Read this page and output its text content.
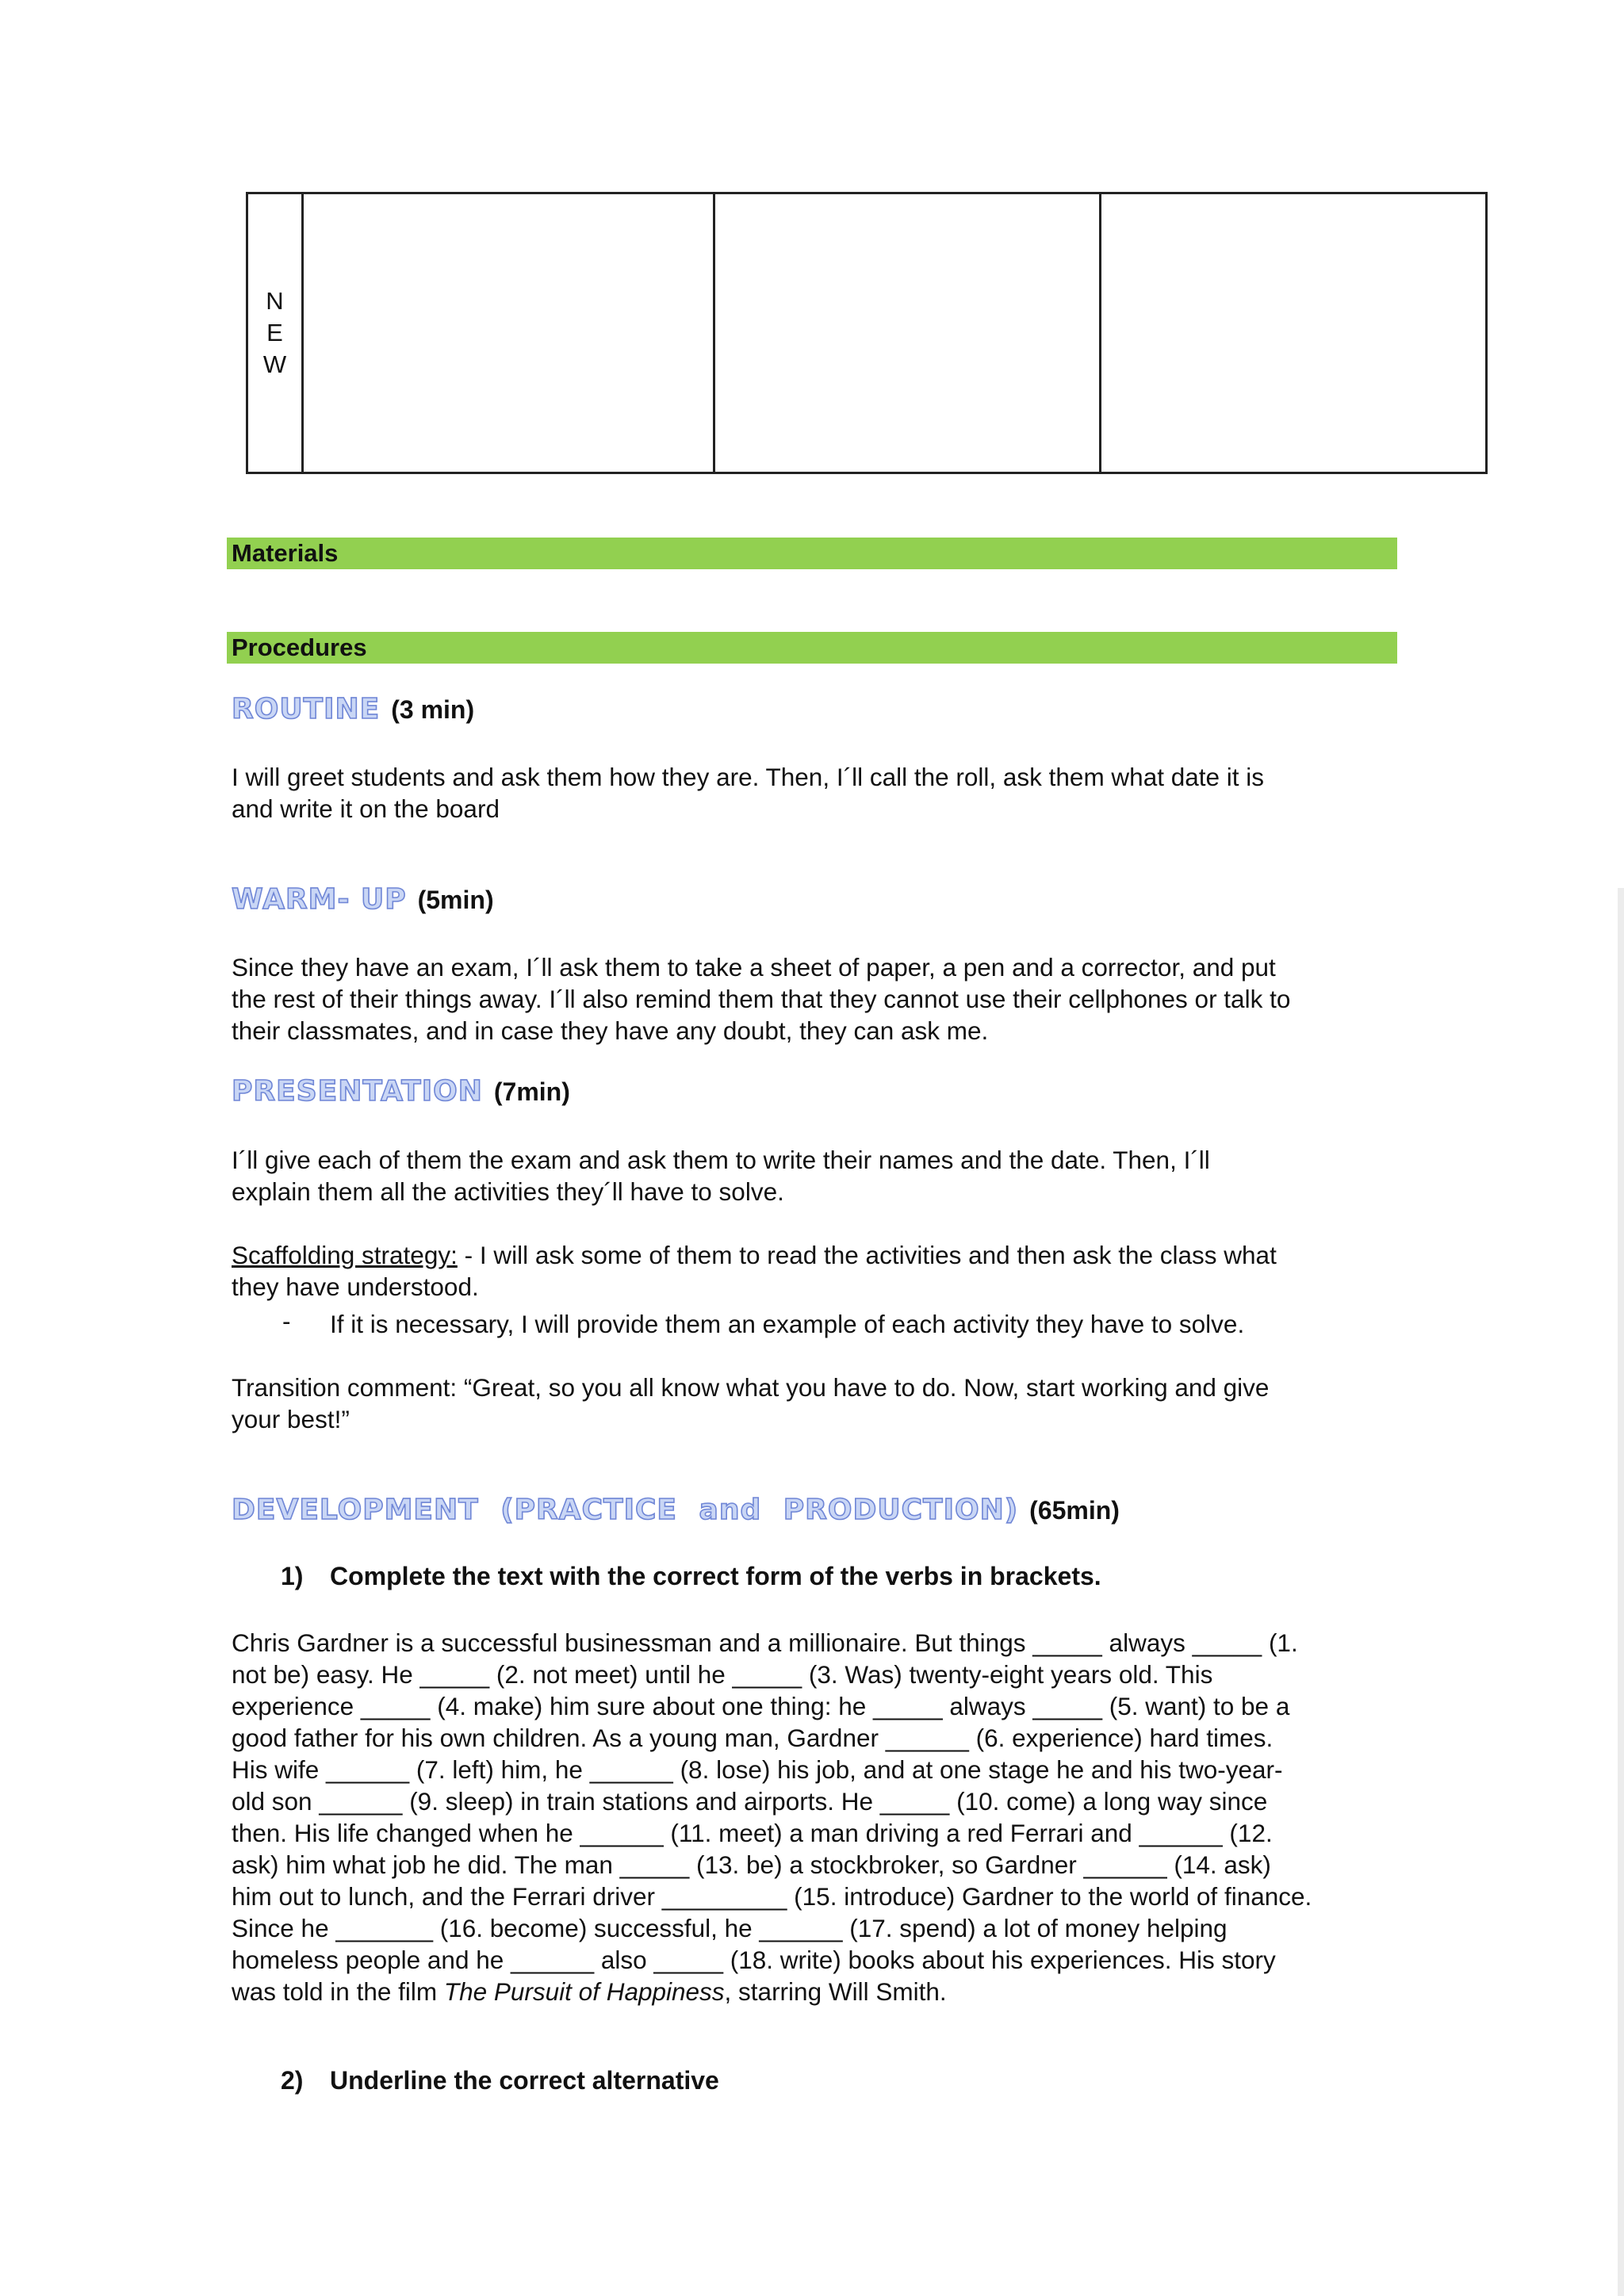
N
E
W
Materials
Procedures
ROUTINE (3 min)
I will greet students and ask them how they are. Then, I´ll call the roll, ask them what date it is
and write it on the board
WARM- UP (5min)
Since they have an exam, I´ll ask them to take a sheet of paper, a pen and a corrector, and put
the rest of their things away. I´ll also remind them that they cannot use their cellphones or talk to
their classmates, and in case they have any doubt, they can ask me.
PRESENTATION (7min)
I´ll give each of them the exam and ask them to write their names and the date. Then, I´ll
explain them all the activities they´ll have to solve.
Scaffolding strategy: - I will ask some of them to read the activities and then ask the class what
they have understood.
- If it is necessary, I will provide them an example of each activity they have to solve.
Transition comment: “Great, so you all know what you have to do. Now, start working and give
your best!”
DEVELOPMENT (PRACTICE and PRODUCTION) (65min)
1) Complete the text with the correct form of the verbs in brackets.
Chris Gardner is a successful businessman and a millionaire. But things _____ always _____ (1.
not be) easy. He _____ (2. not meet) until he _____ (3. Was) twenty-eight years old. This
experience _____ (4. make) him sure about one thing: he _____ always _____ (5. want) to be a
good father for his own children. As a young man, Gardner ______ (6. experience) hard times.
His wife ______ (7. left) him, he ______ (8. lose) his job, and at one stage he and his two-year-
old son ______ (9. sleep) in train stations and airports. He _____ (10. come) a long way since
then. His life changed when he ______ (11. meet) a man driving a red Ferrari and ______ (12.
ask) him what job he did. The man _____ (13. be) a stockbroker, so Gardner ______ (14. ask)
him out to lunch, and the Ferrari driver _________ (15. introduce) Gardner to the world of finance.
Since he _______ (16. become) successful, he ______ (17. spend) a lot of money helping
homeless people and he ______ also _____ (18. write) books about his experiences. His story
was told in the film The Pursuit of Happiness, starring Will Smith.
2) Underline the correct alternative
